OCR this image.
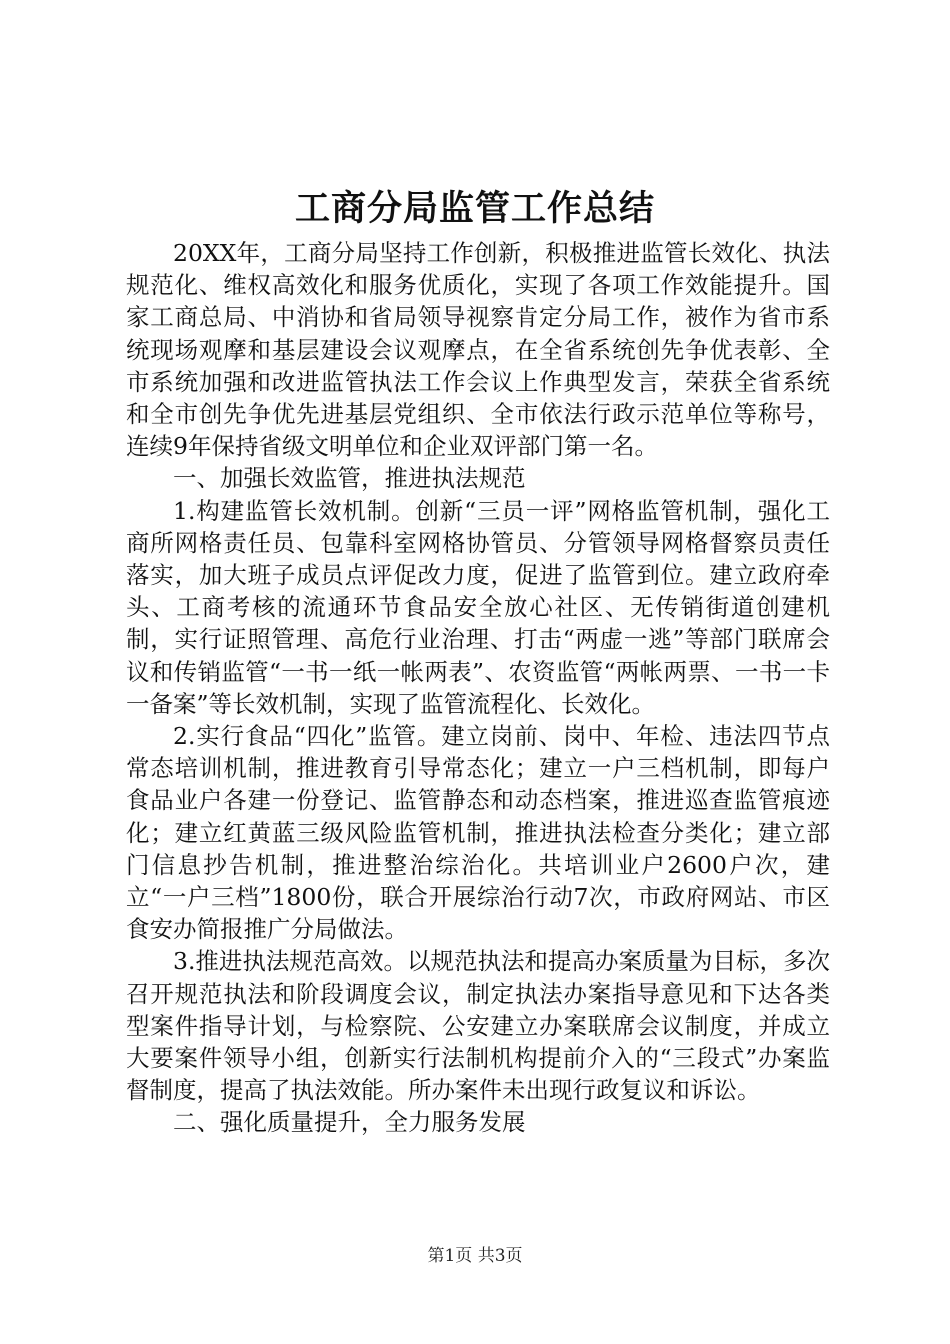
工商分局监管工作总结

20XX年，工商分局坚持工作创新，积极推进监管长效化、执法规范化、维权高效化和服务优质化，实现了各项工作效能提升。国家工商总局、中消协和省局领导视察肯定分局工作，被作为省市系统现场观摩和基层建设会议观摩点，在全省系统创先争优表彰、全市系统加强和改进监管执法工作会议上作典型发言，荣获全省系统和全市创先争优先进基层党组织、全市依法行政示范单位等称号，连续9年保持省级文明单位和企业双评部门第一名。

一、加强长效监管，推进执法规范

1.构建监管长效机制。创新“三员一评”网格监管机制，强化工商所网格责任员、包靠科室网格协管员、分管领导网格督察员责任落实，加大班子成员点评促改力度，促进了监管到位。建立政府牵头、工商考核的流通环节食品安全放心社区、无传销街道创建机制，实行证照管理、高危行业治理、打击“两虚一逃”等部门联席会议和传销监管“一书一纸一帐两表”、农资监管“两帐两票、一书一卡一备案”等长效机制，实现了监管流程化、长效化。

2.实行食品“四化”监管。建立岗前、岗中、年检、违法四节点常态培训机制，推进教育引导常态化；建立一户三档机制，即每户食品业户各建一份登记、监管静态和动态档案，推进巡查监管痕迹化；建立红黄蓝三级风险监管机制，推进执法检查分类化；建立部门信息抄告机制，推进整治综治化。共培训业户2600户次，建立“一户三档”1800份，联合开展综治行动7次，市政府网站、市区食安办简报推广分局做法。

3.推进执法规范高效。以规范执法和提高办案质量为目标，多次召开规范执法和阶段调度会议，制定执法办案指导意见和下达各类型案件指导计划，与检察院、公安建立办案联席会议制度，并成立大要案件领导小组，创新实行法制机构提前介入的“三段式”办案监督制度，提高了执法效能。所办案件未出现行政复议和诉讼。

二、强化质量提升，全力服务发展

第1页 共3页
